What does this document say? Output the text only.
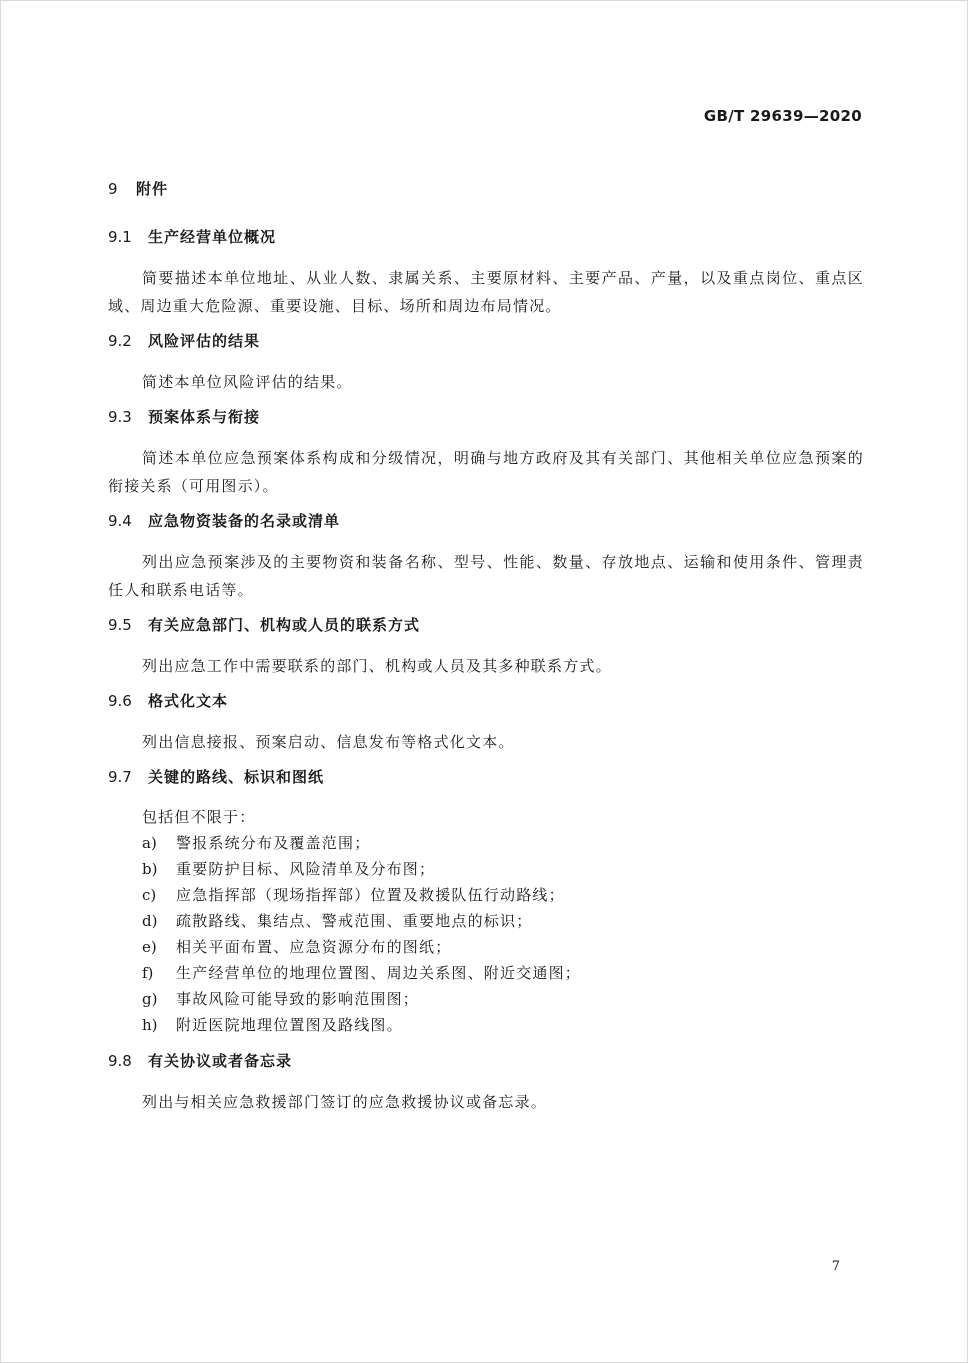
GB/T 29639—2020
9 附件
9.1 生产经营单位概况

简要描述本单位地址、从业人数、隶属关系、主要原材料、主要产品、产量，以及重点岗位、重点区域、周边重大危险源、重要设施、目标、场所和周边布局情况。

9.2 风险评估的结果

简述本单位风险评估的结果。

9.3 预案体系与衔接

简述本单位应急预案体系构成和分级情况，明确与地方政府及其有关部门、其他相关单位应急预案的衔接关系（可用图示）。

9.4 应急物资装备的名录或清单

列出应急预案涉及的主要物资和装备名称、型号、性能、数量、存放地点、运输和使用条件、管理责任人和联系电话等。

9.5 有关应急部门、机构或人员的联系方式

列出应急工作中需要联系的部门、机构或人员及其多种联系方式。

9.6 格式化文本

列出信息接报、预案启动、信息发布等格式化文本。

9.7 关键的路线、标识和图纸

包括但不限于：

a) 警报系统分布及覆盖范围；
b) 重要防护目标、风险清单及分布图；
c) 应急指挥部（现场指挥部）位置及救援队伍行动路线；
d) 疏散路线、集结点、警戒范围、重要地点的标识；
e) 相关平面布置、应急资源分布的图纸；
f) 生产经营单位的地理位置图、周边关系图、附近交通图；
g) 事故风险可能导致的影响范围图；
h) 附近医院地理位置图及路线图。
9.8 有关协议或者备忘录

列出与相关应急救援部门签订的应急救援协议或备忘录。

7
